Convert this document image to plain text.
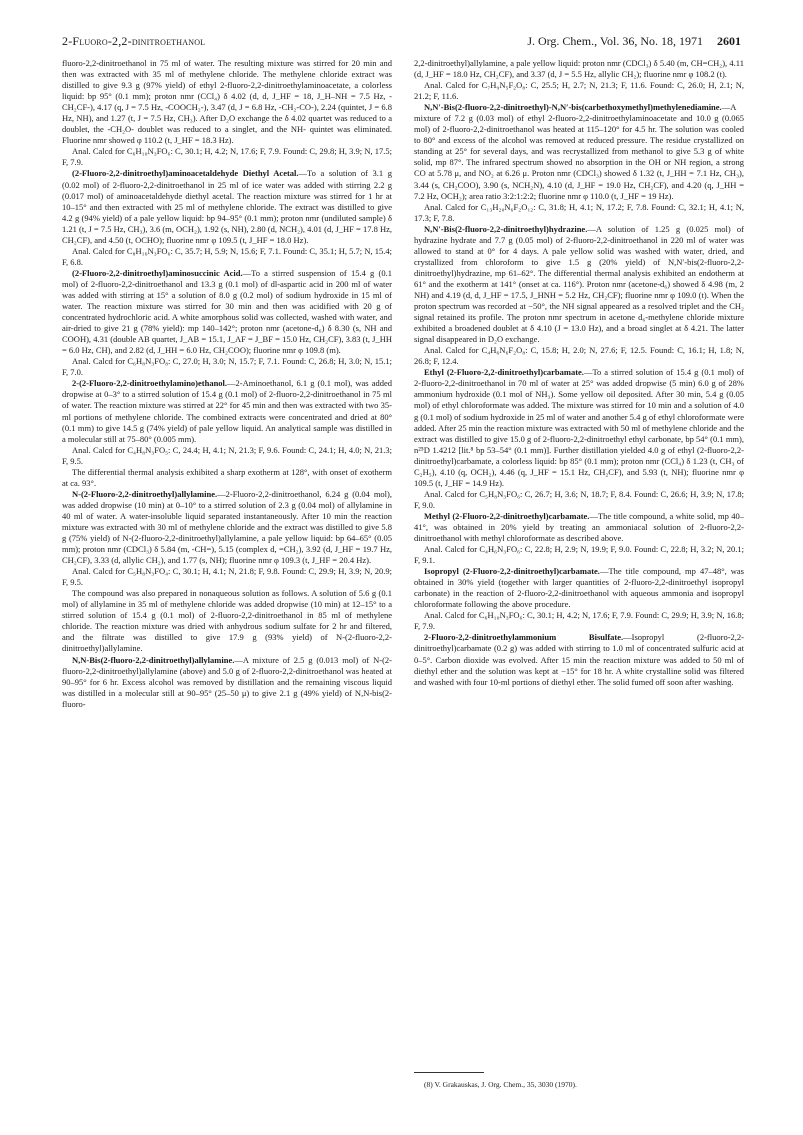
2-Fluoro-2,2-dinitroethanol	J. Org. Chem., Vol. 36, No. 18, 1971 2601

fluoro-2,2-dinitroethanol in 75 ml of water. The resulting mixture was stirred for 20 min and then was extracted with 35 ml of methylene chloride. The methylene chloride extract was distilled to give 9.3 g (97% yield) of ethyl 2-fluoro-2,2-dinitroethylaminoacetate, a colorless liquid: bp 95° (0.1 mm); proton nmr (CCl₄) δ 4.02 (d, d, J_HF = 18, J_H–NH = 7.5 Hz, -CH₂CF-), 4.17 (q, J = 7.5 Hz, -COOCH₂-), 3.47 (d, J = 6.8 Hz, -CH₂-CO-), 2.24 (quintet, J = 6.8 Hz, NH), and 1.27 (t, J = 7.5 Hz, CH₃). After D₂O exchange the δ 4.02 quartet was reduced to a doublet, the -CH₂O- doublet was reduced to a singlet, and the NH- quintet was eliminated. Fluorine nmr showed φ 110.2 (t, J_HF = 18.3 Hz).

Anal. Calcd for C₆H₁₀N₃FO₆: C, 30.1; H, 4.2; N, 17.6; F, 7.9. Found: C, 29.8; H, 3.9; N, 17.5; F, 7.9.

(2-Fluoro-2,2-dinitroethyl)aminoacetaldehyde Diethyl Acetal.—To a solution of 3.1 g (0.02 mol) of 2-fluoro-2,2-dinitroethanol in 25 ml of ice water was added with stirring 2.2 g (0.017 mol) of aminoacetaldehyde diethyl acetal. The reaction mixture was stirred for 1 hr at 10–15° and then extracted with 25 ml of methylene chloride. The extract was distilled to give 4.2 g (94% yield) of a pale yellow liquid: bp 94–95° (0.1 mm); proton nmr (undiluted sample) δ 1.21 (t, J = 7.5 Hz, CH₃), 3.6 (m, OCH₂), 1.92 (s, NH), 2.80 (d, NCH₂), 4.01 (d, J_HF = 17.8 Hz, CH₂CF), and 4.50 (t, OCHO); fluorine nmr φ 109.5 (t, J_HF = 18.0 Hz).

Anal. Calcd for C₈H₁₆N₃FO₆: C, 35.7; H, 5.9; N, 15.6; F, 7.1. Found: C, 35.1; H, 5.7; N, 15.4; F, 6.8.

(2-Fluoro-2,2-dinitroethyl)aminosuccinic Acid.—To a stirred suspension of 15.4 g (0.1 mol) of 2-fluoro-2,2-dinitroethanol and 13.3 g (0.1 mol) of dl-aspartic acid in 200 ml of water was added with stirring at 15° a solution of 8.0 g (0.2 mol) of sodium hydroxide in 15 ml of water. The reaction mixture was stirred for 30 min and then was acidified with 20 g of concentrated hydrochloric acid. A white amorphous solid was collected, washed with water, and air-dried to give 21 g (78% yield): mp 140–142°; proton nmr (acetone-d₆) δ 8.30 (s, NH and COOH), 4.31 (double AB quartet, J_AB = 15.1, J_AF = J_BF = 15.0 Hz, CH₂CF), 3.83 (t, J_HH = 6.0 Hz, CH), and 2.82 (d, J_HH = 6.0 Hz, CH₂COO); fluorine nmr φ 109.8 (m).

Anal. Calcd for C₆H₈N₃FO₈: C, 27.0; H, 3.0; N, 15.7; F, 7.1. Found: C, 26.8; H, 3.0; N, 15.1; F, 7.0.

2-(2-Fluoro-2,2-dinitroethylamino)ethanol.—2-Aminoethanol, 6.1 g (0.1 mol), was added dropwise at 0–3° to a stirred solution of 15.4 g (0.1 mol) of 2-fluoro-2,2-dinitroethanol in 75 ml of water. The reaction mixture was stirred at 22° for 45 min and then was extracted with two 35-ml portions of methylene chloride. The combined extracts were concentrated and dried at 80° (0.1 mm) to give 14.5 g (74% yield) of pale yellow liquid. An analytical sample was distilled in a molecular still at 75–80° (0.005 mm).

Anal. Calcd for C₄H₈N₃FO₅: C, 24.4; H, 4.1; N, 21.3; F, 9.6. Found: C, 24.1; H, 4.0; N, 21.3; F, 9.5.

The differential thermal analysis exhibited a sharp exotherm at 128°, with onset of exotherm at ca. 93°.

N-(2-Fluoro-2,2-dinitroethyl)allylamine.—2-Fluoro-2,2-dinitroethanol, 6.24 g (0.04 mol), was added dropwise (10 min) at 0–10° to a stirred solution of 2.3 g (0.04 mol) of allylamine in 40 ml of water. A water-insoluble liquid separated instantaneously. After 10 min the reaction mixture was extracted with 30 ml of methylene chloride and the extract was distilled to give 5.8 g (75% yield) of N-(2-fluoro-2,2-dinitroethyl)allylamine, a pale yellow liquid: bp 64–65° (0.05 mm); proton nmr (CDCl₃) δ 5.84 (m, -CH=), 5.15 (complex d, =CH₂), 3.92 (d, J_HF = 19.7 Hz, CH₂CF), 3.33 (d, allylic CH₂), and 1.77 (s, NH); fluorine nmr φ 109.3 (t, J_HF = 20.4 Hz).

Anal. Calcd for C₅H₈N₃FO₄: C, 30.1; H, 4.1; N, 21.8; F, 9.8. Found: C, 29.9; H, 3.9; N, 20.9; F, 9.5.

The compound was also prepared in nonaqueous solution as follows. A solution of 5.6 g (0.1 mol) of allylamine in 35 ml of methylene chloride was added dropwise (10 min) at 12–15° to a stirred solution of 15.4 g (0.1 mol) of 2-fluoro-2,2-dinitroethanol in 85 ml of methylene chloride. The reaction mixture was dried with anhydrous sodium sulfate for 2 hr and filtered, and the filtrate was distilled to give 17.9 g (93% yield) of N-(2-fluoro-2,2-dinitroethyl)allylamine.

N,N-Bis(2-fluoro-2,2-dinitroethyl)allylamine.—A mixture of 2.5 g (0.013 mol) of N-(2-fluoro-2,2-dinitroethyl)allylamine (above) and 5.0 g of 2-fluoro-2,2-dinitroethanol was heated at 90–95° for 6 hr. Excess alcohol was removed by distillation and the remaining viscous liquid was distilled in a molecular still at 90–95° (25–50 μ) to give 2.1 g (49% yield) of N,N-bis(2-fluoro-

2,2-dinitroethyl)allylamine, a pale yellow liquid: proton nmr (CDCl₃) δ 5.40 (m, CH=CH₂), 4.11 (d, J_HF = 18.0 Hz, CH₂CF), and 3.37 (d, J = 5.5 Hz, allylic CH₂); fluorine nmr φ 108.2 (t).

Anal. Calcd for C₇H₉N₅F₂O₈: C, 25.5; H, 2.7; N, 21.3; F, 11.6. Found: C, 26.0; H, 2.1; N, 21.2; F, 11.6.

N,N′-Bis(2-fluoro-2,2-dinitroethyl)-N,N′-bis(carbethoxymethyl)methylenediamine.—A mixture of 7.2 g (0.03 mol) of ethyl 2-fluoro-2,2-dinitroethylaminoacetate and 10.0 g (0.065 mol) of 2-fluoro-2,2-dinitroethanol was heated at 115–120° for 4.5 hr. The solution was cooled to 80° and excess of the alcohol was removed at reduced pressure. The residue crystallized on standing at 25° for several days, and was recrystallized from methanol to give 5.3 g of white solid, mp 87°. The infrared spectrum showed no absorption in the OH or NH region, a strong CO at 5.78 μ, and NO₂ at 6.26 μ. Proton nmr (CDCl₃) showed δ 1.32 (t, J_HH = 7.1 Hz, CH₃), 3.44 (s, CH₂COO), 3.90 (s, NCH₂N), 4.10 (d, J_HF = 19.0 Hz, CH₂CF), and 4.20 (q, J_HH = 7.2 Hz, OCH₂); area ratio 3:2:1:2:2; fluorine nmr φ 110.0 (t, J_HF = 19 Hz).

Anal. Calcd for C₁₃H₂₀N₆F₂O₁₂: C, 31.8; H, 4.1; N, 17.2; F, 7.8. Found: C, 32.1; H, 4.1; N, 17.3; F, 7.8.

N,N′-Bis(2-fluoro-2,2-dinitroethyl)hydrazine.—A solution of 1.25 g (0.025 mol) of hydrazine hydrate and 7.7 g (0.05 mol) of 2-fluoro-2,2-dinitroethanol in 220 ml of water was allowed to stand at 0° for 4 days. A pale yellow solid was washed with water, dried, and crystallized from chloroform to give 1.5 g (20% yield) of N,N′-bis(2-fluoro-2,2-dinitroethyl)hydrazine, mp 61–62°. The differential thermal analysis exhibited an endotherm at 61° and the exotherm at 141° (onset at ca. 116°). Proton nmr (acetone-d₆) showed δ 4.98 (m, 2 NH) and 4.19 (d, d, J_HF = 17.5, J_HNH = 5.2 Hz, CH₂CF); fluorine nmr φ 109.0 (t). When the proton spectrum was recorded at −50°, the NH signal appeared as a resolved triplet and the CH₂ signal retained its profile. The proton nmr spectrum in acetone d₆-methylene chloride mixture exhibited a broadened doublet at δ 4.10 (J = 13.0 Hz), and a broad singlet at δ 4.21. The latter signal disappeared in D₂O exchange.

Anal. Calcd for C₄H₆N₆F₂O₈: C, 15.8; H, 2.0; N, 27.6; F, 12.5. Found: C, 16.1; H, 1.8; N, 26.8; F, 12.4.

Ethyl (2-Fluoro-2,2-dinitroethyl)carbamate.—To a stirred solution of 15.4 g (0.1 mol) of 2-fluoro-2,2-dinitroethanol in 70 ml of water at 25° was added dropwise (5 min) 6.0 g of 28% ammonium hydroxide (0.1 mol of NH₃). Some yellow oil deposited. After 30 min, 5.4 g (0.05 mol) of ethyl chloroformate was added. The mixture was stirred for 10 min and a solution of 4.0 g (0.1 mol) of sodium hydroxide in 25 ml of water and another 5.4 g of ethyl chloroformate were added. After 25 min the reaction mixture was extracted with 50 ml of methylene chloride and the extract was distilled to give 15.0 g of 2-fluoro-2,2-dinitroethyl ethyl carbonate, bp 54° (0.1 mm), n²⁵D 1.4212 [lit.⁸ bp 53–54° (0.1 mm)]. Further distillation yielded 4.0 g of ethyl (2-fluoro-2,2-dinitroethyl)carbamate, a colorless liquid: bp 85° (0.1 mm); proton nmr (CCl₄) δ 1.23 (t, CH₃ of C₂H₅), 4.10 (q, OCH₂), 4.46 (q, J_HF = 15.1 Hz, CH₂CF), and 5.93 (t, NH); fluorine nmr φ 109.5 (t, J_HF = 14.9 Hz).

Anal. Calcd for C₅H₈N₃FO₆: C, 26.7; H, 3.6; N, 18.7; F, 8.4. Found: C, 26.6; H, 3.9; N, 17.8; F, 9.0.

Methyl (2-Fluoro-2,2-dinitroethyl)carbamate.—The title compound, a white solid, mp 40–41°, was obtained in 20% yield by treating an ammoniacal solution of 2-fluoro-2,2-dinitroethanol with methyl chloroformate as described above.

Anal. Calcd for C₄H₆N₃FO₆: C, 22.8; H, 2.9; N, 19.9; F, 9.0. Found: C, 22.8; H, 3.2; N, 20.1; F, 9.1.

Isopropyl (2-Fluoro-2,2-dinitroethyl)carbamate.—The title compound, mp 47–48°, was obtained in 30% yield (together with larger quantities of 2-fluoro-2,2-dinitroethyl isopropyl carbonate) in the reaction of 2-fluoro-2,2-dinitroethanol with aqueous ammonia and isopropyl chloroformate following the above procedure.

Anal. Calcd for C₆H₁₀N₃FO₆: C, 30.1; H, 4.2; N, 17.6; F, 7.9. Found: C, 29.9; H, 3.9; N, 16.8; F, 7.9.

2-Fluoro-2,2-dinitroethylammonium Bisulfate.—Isopropyl (2-fluoro-2,2-dinitroethyl)carbamate (0.2 g) was added with stirring to 1.0 ml of concentrated sulfuric acid at 0–5°. Carbon dioxide was evolved. After 15 min the reaction mixture was added to 50 ml of diethyl ether and the solution was kept at −15° for 18 hr. A white crystalline solid was filtered and washed with four 10-ml portions of diethyl ether. The solid fumed off soon after washing.

(8) V. Grakauskas, J. Org. Chem., 35, 3030 (1970).
